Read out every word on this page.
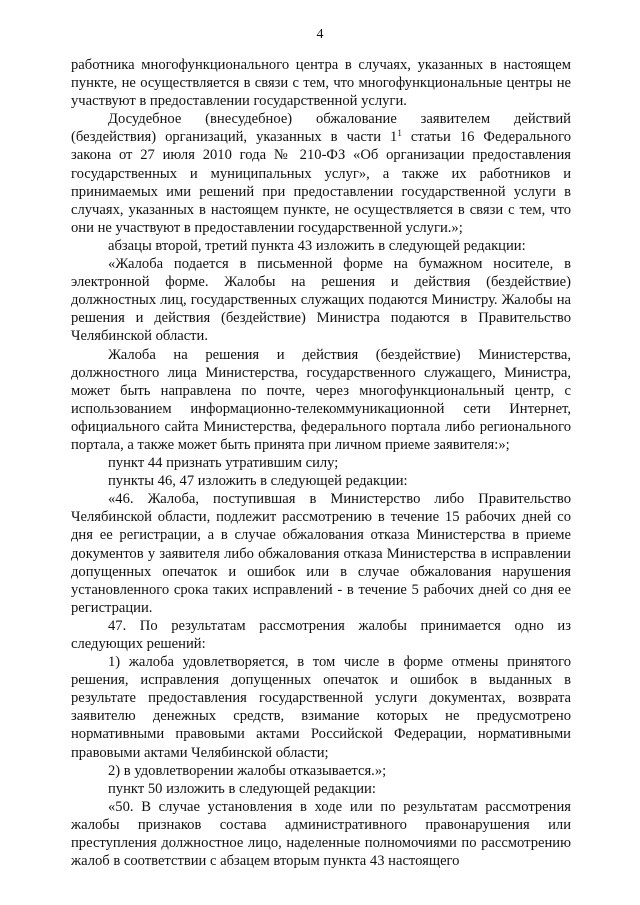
4

работника многофункционального центра в случаях, указанных в настоящем пункте, не осуществляется в связи с тем, что многофункциональные центры не участвуют в предоставлении государственной услуги.

Досудебное (внесудебное) обжалование заявителем действий (бездействия) организаций, указанных в части 1$^1$ статьи 16 Федерального закона от 27 июля 2010 года № 210-ФЗ «Об организации предоставления государственных и муниципальных услуг», а также их работников и принимаемых ими решений при предоставлении государственной услуги в случаях, указанных в настоящем пункте, не осуществляется в связи с тем, что они не участвуют в предоставлении государственной услуги.»;

абзацы второй, третий пункта 43 изложить в следующей редакции:

«Жалоба подается в письменной форме на бумажном носителе, в электронной форме. Жалобы на решения и действия (бездействие) должностных лиц, государственных служащих подаются Министру. Жалобы на решения и действия (бездействие) Министра подаются в Правительство Челябинской области.

Жалоба на решения и действия (бездействие) Министерства, должностного лица Министерства, государственного служащего, Министра, может быть направлена по почте, через многофункциональный центр, с использованием информационно-телекоммуникационной сети Интернет, официального сайта Министерства, федерального портала либо регионального портала, а также может быть принята при личном приеме заявителя:»;

пункт 44 признать утратившим силу;

пункты 46, 47 изложить в следующей редакции:

«46. Жалоба, поступившая в Министерство либо Правительство Челябинской области, подлежит рассмотрению в течение 15 рабочих дней со дня ее регистрации, а в случае обжалования отказа Министерства в приеме документов у заявителя либо обжалования отказа Министерства в исправлении допущенных опечаток и ошибок или в случае обжалования нарушения установленного срока таких исправлений - в течение 5 рабочих дней со дня ее регистрации.

47. По результатам рассмотрения жалобы принимается одно из следующих решений:

1) жалоба удовлетворяется, в том числе в форме отмены принятого решения, исправления допущенных опечаток и ошибок в выданных в результате предоставления государственной услуги документах, возврата заявителю денежных средств, взимание которых не предусмотрено нормативными правовыми актами Российской Федерации, нормативными правовыми актами Челябинской области;

2) в удовлетворении жалобы отказывается.»;

пункт 50 изложить в следующей редакции:

«50. В случае установления в ходе или по результатам рассмотрения жалобы признаков состава административного правонарушения или преступления должностное лицо, наделенные полномочиями по рассмотрению жалоб в соответствии с абзацем вторым пункта 43 настоящего
